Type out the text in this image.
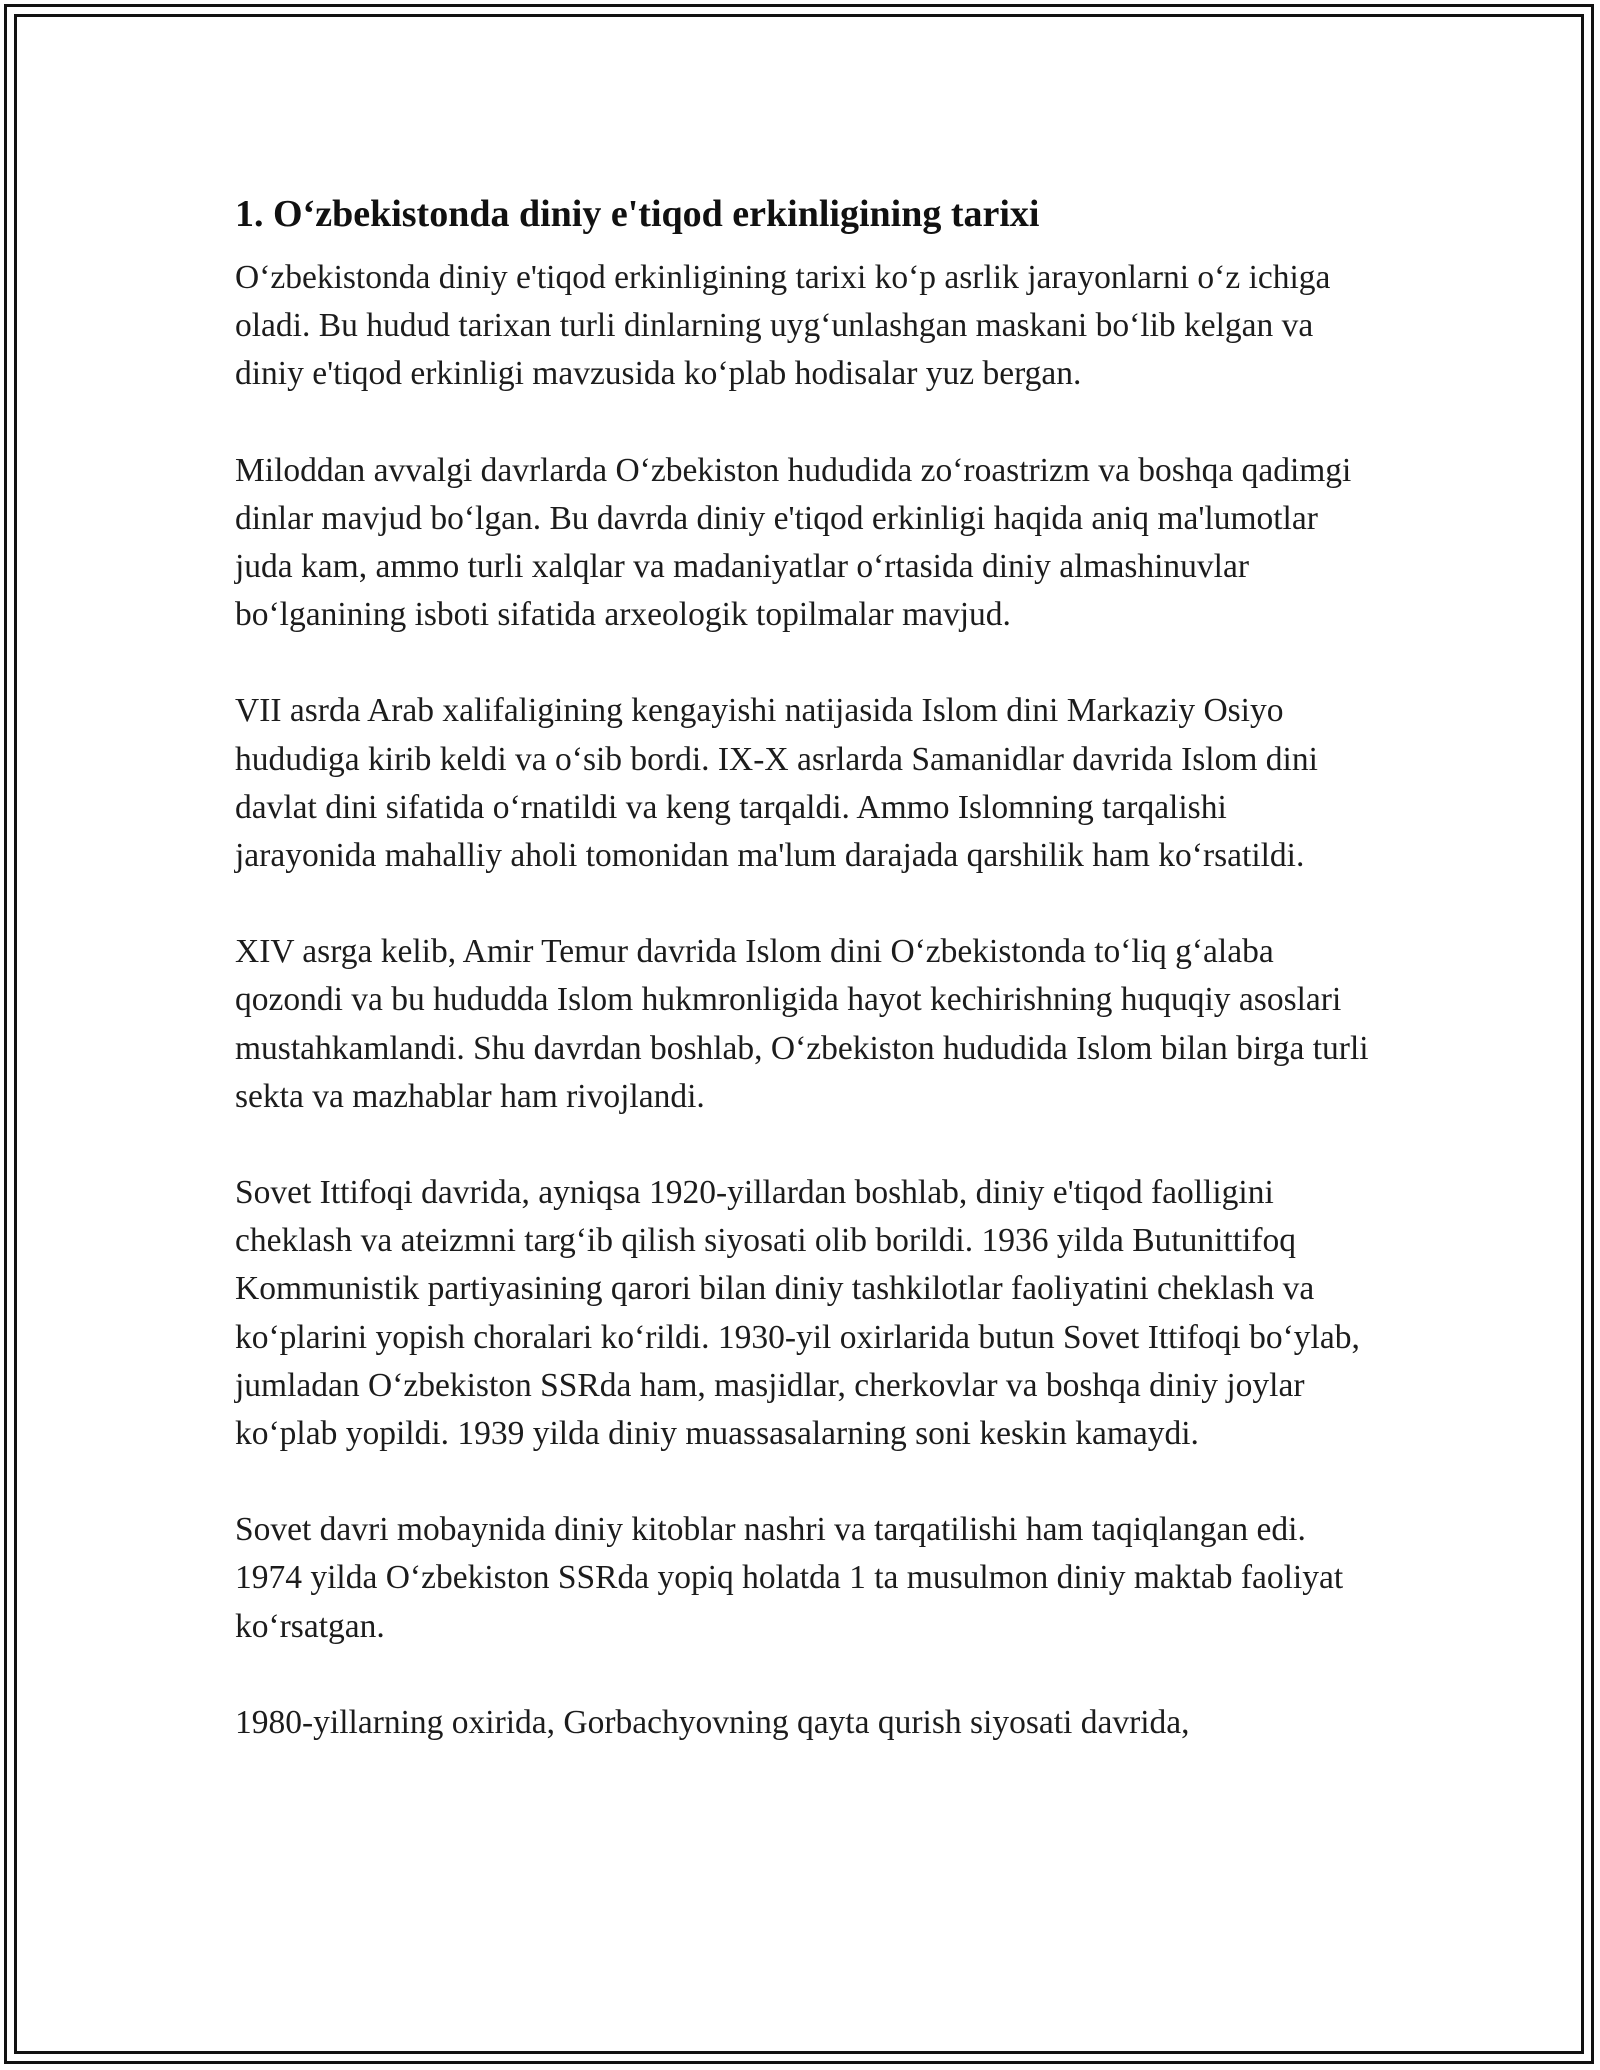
1. O‘zbekistonda diniy e'tiqod erkinligining tarixi

O‘zbekistonda diniy e'tiqod erkinligining tarixi ko‘p asrlik jarayonlarni o‘z ichiga oladi. Bu hudud tarixan turli dinlarning uyg‘unlashgan maskani bo‘lib kelgan va diniy e'tiqod erkinligi mavzusida ko‘plab hodisalar yuz bergan.

Miloddan avvalgi davrlarda O‘zbekiston hududida zo‘roastrizm va boshqa qadimgi dinlar mavjud bo‘lgan. Bu davrda diniy e'tiqod erkinligi haqida aniq ma'lumotlar juda kam, ammo turli xalqlar va madaniyatlar o‘rtasida diniy almashinuvlar bo‘lganining isboti sifatida arxeologik topilmalar mavjud.

VII asrda Arab xalifaligining kengayishi natijasida Islom dini Markaziy Osiyo hududiga kirib keldi va o‘sib bordi. IX-X asrlarda Samanidlar davrida Islom dini davlat dini sifatida o‘rnatildi va keng tarqaldi. Ammo Islomning tarqalishi jarayonida mahalliy aholi tomonidan ma'lum darajada qarshilik ham ko‘rsatildi.

XIV asrga kelib, Amir Temur davrida Islom dini O‘zbekistonda to‘liq g‘alaba qozondi va bu hududda Islom hukmronligida hayot kechirishning huquqiy asoslari mustahkamlandi. Shu davrdan boshlab, O‘zbekiston hududida Islom bilan birga turli sekta va mazhablar ham rivojlandi.

Sovet Ittifoqi davrida, ayniqsa 1920-yillardan boshlab, diniy e'tiqod faolligini cheklash va ateizmni targ‘ib qilish siyosati olib borildi. 1936 yilda Butunittifoq Kommunistik partiyasining qarori bilan diniy tashkilotlar faoliyatini cheklash va ko‘plarini yopish choralari ko‘rildi. 1930-yil oxirlarida butun Sovet Ittifoqi bo‘ylab, jumladan O‘zbekiston SSRda ham, masjidlar, cherkovlar va boshqa diniy joylar ko‘plab yopildi. 1939 yilda diniy muassasalarning soni keskin kamaydi.

Sovet davri mobaynida diniy kitoblar nashri va tarqatilishi ham taqiqlangan edi. 1974 yilda O‘zbekiston SSRda yopiq holatda 1 ta musulmon diniy maktab faoliyat ko‘rsatgan.

1980-yillarning oxirida, Gorbachyovning qayta qurish siyosati davrida,
